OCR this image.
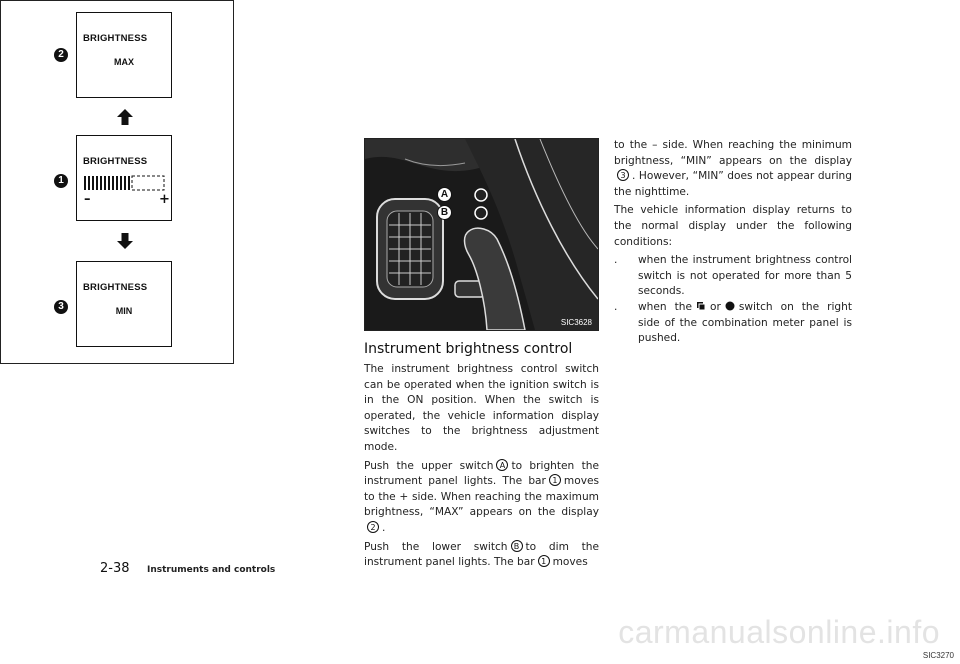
2
BRIGHTNESS
MAX
1
BRIGHTNESS
–	+
3
BRIGHTNESS
MIN
SIC3270
A
B
SIC3628
Instrument brightness control
The instrument brightness control switch can be operated when the ignition switch is in the ON position. When the switch is operated, the vehicle information display switches to the brightness adjustment mode.
Push the upper switch A to brighten the instrument panel lights. The bar 1 moves to the + side. When reaching the maximum brightness, “MAX” appears on the display 2 .
Push the lower switch B to dim the instrument panel lights. The bar 1 moves
to the – side. When reaching the minimum brightness, “MIN” appears on the display 3 . However, “MIN” does not appear during the nighttime.
The vehicle information display returns to the normal display under the following conditions:
. when the instrument brightness control switch is not operated for more than 5 seconds.
. when the or switch on the right side of the combination meter panel is pushed.
2-38 Instruments and controls
carmanualsonline.info
